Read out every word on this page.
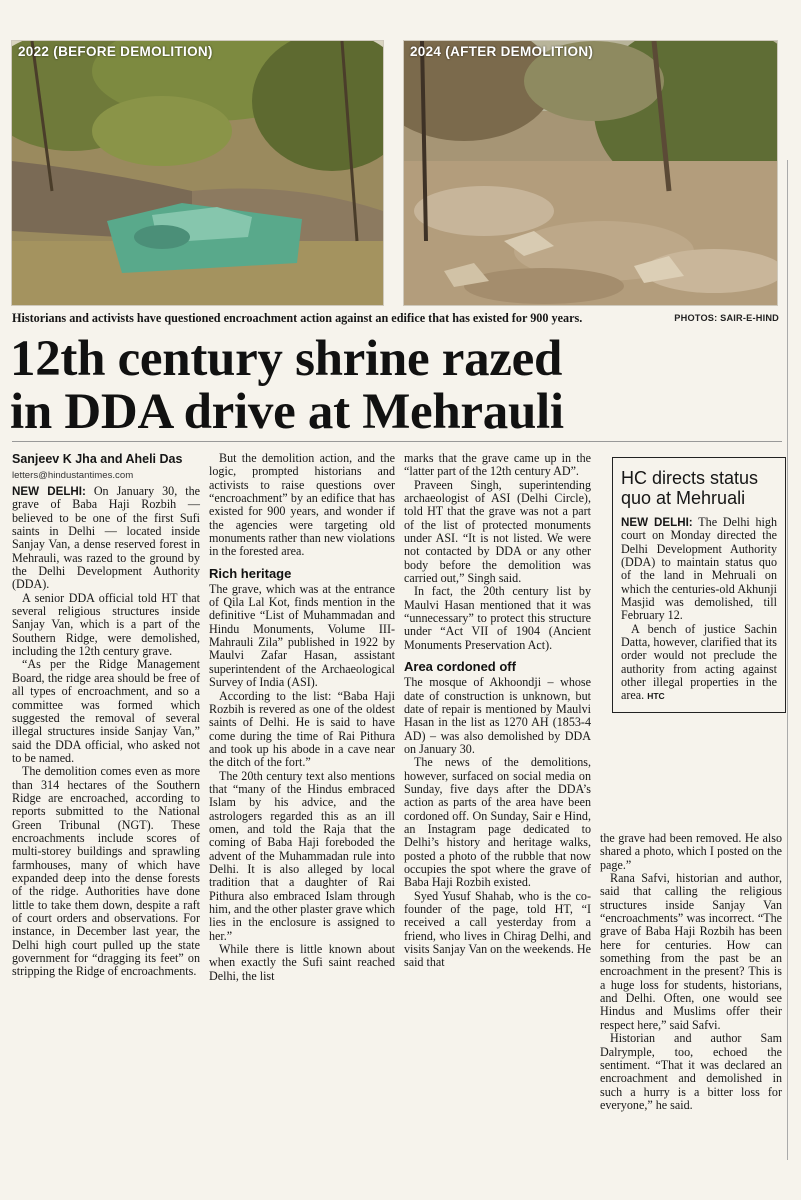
2022 (BEFORE DEMOLITION)	2024 (AFTER DEMOLITION)
Historians and activists have questioned encroachment action against an edifice that has existed for 900 years.	PHOTOS: SAIR-E-HIND
12th century shrine razed
in DDA drive at Mehrauli
Sanjeev K Jha and Aheli Das
letters@hindustantimes.com

NEW DELHI: On January 30, the grave of Baba Haji Rozbih — believed to be one of the first Sufi saints in Delhi — located inside Sanjay Van, a dense reserved forest in Mehrauli, was razed to the ground by the Delhi Development Authority (DDA).

A senior DDA official told HT that several religious structures inside Sanjay Van, which is a part of the Southern Ridge, were demolished, including the 12th century grave.

“As per the Ridge Management Board, the ridge area should be free of all types of encroachment, and so a committee was formed which suggested the removal of several illegal structures inside Sanjay Van,” said the DDA official, who asked not to be named.

The demolition comes even as more than 314 hectares of the Southern Ridge are encroached, according to reports submitted to the National Green Tribunal (NGT). These encroachments include scores of multi-storey buildings and sprawling farmhouses, many of which have expanded deep into the dense forests of the ridge. Authorities have done little to take them down, despite a raft of court orders and observations. For instance, in December last year, the Delhi high court pulled up the state government for “dragging its feet” on stripping the Ridge of encroachments.

But the demolition action, and the logic, prompted historians and activists to raise questions over “encroachment” by an edifice that has existed for 900 years, and wonder if the agencies were targeting old monuments rather than new violations in the forested area.

Rich heritage

The grave, which was at the entrance of Qila Lal Kot, finds mention in the definitive “List of Muhammadan and Hindu Monuments, Volume III- Mahrauli Zila” published in 1922 by Maulvi Zafar Hasan, assistant superintendent of the Archaeological Survey of India (ASI).

According to the list: “Baba Haji Rozbih is revered as one of the oldest saints of Delhi. He is said to have come during the time of Rai Pithura and took up his abode in a cave near the ditch of the fort.”

The 20th century text also mentions that “many of the Hindus embraced Islam by his advice, and the astrologers regarded this as an ill omen, and told the Raja that the coming of Baba Haji foreboded the advent of the Muhammadan rule into Delhi. It is also alleged by local tradition that a daughter of Rai Pithura also embraced Islam through him, and the other plaster grave which lies in the enclosure is assigned to her.”

While there is little known about when exactly the Sufi saint reached Delhi, the list

marks that the grave came up in the “latter part of the 12th century AD”.

Praveen Singh, superintending archaeologist of ASI (Delhi Circle), told HT that the grave was not a part of the list of protected monuments under ASI. “It is not listed. We were not contacted by DDA or any other body before the demolition was carried out,” Singh said.

In fact, the 20th century list by Maulvi Hasan mentioned that it was “unnecessary” to protect this structure under “Act VII of 1904 (Ancient Monuments Preservation Act).

Area cordoned off

The mosque of Akhoondji – whose date of construction is unknown, but date of repair is mentioned by Maulvi Hasan in the list as 1270 AH (1853-4 AD) – was also demolished by DDA on January 30.

The news of the demolitions, however, surfaced on social media on Sunday, five days after the DDA’s action as parts of the area have been cordoned off. On Sunday, Sair e Hind, an Instagram page dedicated to Delhi’s history and heritage walks, posted a photo of the rubble that now occupies the spot where the grave of Baba Haji Rozbih existed.

Syed Yusuf Shahab, who is the co-founder of the page, told HT, “I received a call yesterday from a friend, who lives in Chirag Delhi, and visits Sanjay Van on the weekends. He said that

HC directs status quo at Mehruali

NEW DELHI: The Delhi high court on Monday directed the Delhi Development Authority (DDA) to maintain status quo of the land in Mehruali on which the centuries-old Akhunji Masjid was demolished, till February 12.

A bench of justice Sachin Datta, however, clarified that its order would not preclude the authority from acting against other illegal properties in the area. HTC

the grave had been removed. He also shared a photo, which I posted on the page.”

Rana Safvi, historian and author, said that calling the religious structures inside Sanjay Van “encroachments” was incorrect. “The grave of Baba Haji Rozbih has been here for centuries. How can something from the past be an encroachment in the present? This is a huge loss for students, historians, and Delhi. Often, one would see Hindus and Muslims offer their respect here,” said Safvi.

Historian and author Sam Dalrymple, too, echoed the sentiment. “That it was declared an encroachment and demolished in such a hurry is a bitter loss for everyone,” he said.
